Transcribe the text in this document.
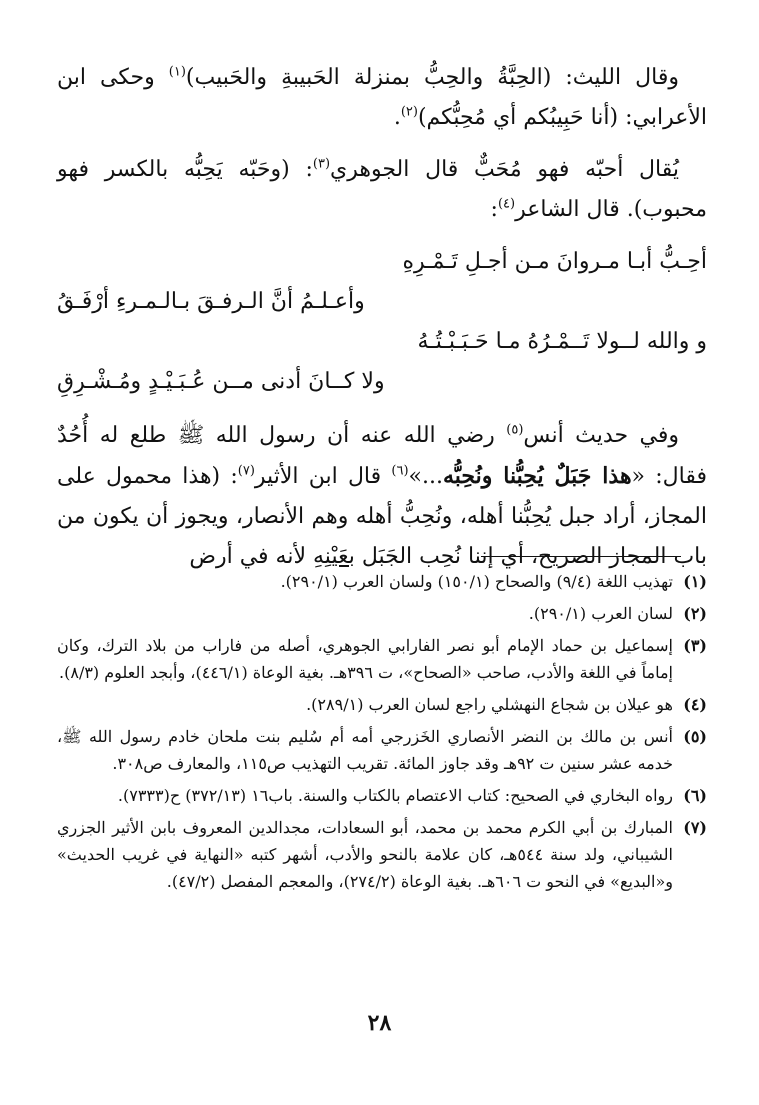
وقال الليث: (الحِبَّةُ والحِبُّ بمنزلة الحَبيبةِ والحَبيب)$^{(١)}$ وحكى ابن الأعرابي: (أنا حَبِيبُكم أي مُحِبُّكم)$^{(٢)}$.

يُقال أحبّه فهو مُحَبٌّ قال الجوهري$^{(٣)}$: (وحَبّه يَحِبُّه بالكسر فهو محبوب). قال الشاعر$^{(٤)}$:

أحِـبُّ أبـا مـروانَ مـن أجـلِ تَـمْـرِهِ
وأعـلـمُ أنَّ الـرفـقَ بـالـمـرءِ أرْفَـقُ
و والله لــولا تَــمْـرُهُ مـا حَـبَـبْـتُـهُ
ولا كــانَ أدنى مــن عُـبَـيْـدٍ ومُـشْـرِقِ

وفي حديث أنس$^{(٥)}$ رضي الله عنه أن رسول الله ﷺ طلع له أُحُدٌ فقال: «هذا جَبَلٌ يُحِبُّنا ونُحِبُّه...»$^{(٦)}$ قال ابن الأثير$^{(٧)}$: (هذا محمول على المجاز، أراد جبل يُحِبُّنا أهله، ونُحِبُّ أهله وهم الأنصار، ويجوز أن يكون من باب المجاز الصريح، أي إننا نُحِب الجَبَل بعَيْنِهِ لأنه في أرض

(١)
تهذيب اللغة (٩/٤) والصحاح (١٥٠/١) ولسان العرب (٢٩٠/١).
(٢)
لسان العرب (٢٩٠/١).
(٣)
إسماعيل بن حماد الإمام أبو نصر الفارابي الجوهري، أصله من فاراب من بلاد الترك، وكان إماماً في اللغة والأدب، صاحب «الصحاح»، ت ٣٩٦هـ. بغية الوعاة (٤٤٦/١)، وأبجد العلوم (٨/٣).
(٤)
هو عيلان بن شجاع النهشلي راجع لسان العرب (٢٨٩/١).
(٥)
أنس بن مالك بن النضر الأنصاري الخَزرجي أمه أم سُليم بنت ملحان خادم رسول الله ﷺ، خدمه عشر سنين ت ٩٢هـ وقد جاوز المائة. تقريب التهذيب ص١١٥، والمعارف ص٣٠٨.
(٦)
رواه البخاري في الصحيح: كتاب الاعتصام بالكتاب والسنة. باب١٦ (٣٧٢/١٣) ح(٧٣٣٣).
(٧)
المبارك بن أبي الكرم محمد بن محمد، أبو السعادات، مجدالدين المعروف بابن الأثير الجزري الشيباني، ولد سنة ٥٤٤هـ، كان علامة بالنحو والأدب، أشهر كتبه «النهاية في غريب الحديث» و«البديع» في النحو ت ٦٠٦هـ. بغية الوعاة (٢٧٤/٢)، والمعجم المفصل (٤٧/٢).
٢٨
